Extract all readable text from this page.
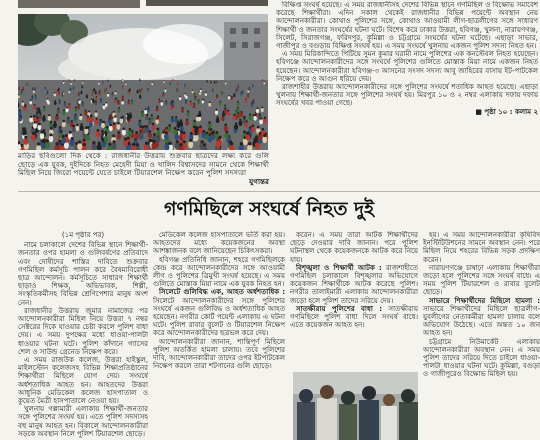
মাড়ির ছবিগুলো দিক থেকে : রাজধানীর উত্তরায় শুক্রবার ছাত্রদের লক্ষ্য করে গুলি ছোড়ে এক যুবক, দুইদিকে নিহত মেহেদী মিয়া ও খালিদ বিশ্বাসদের সামনে থেকে শিক্ষার্থী মিছিল নিয়ে জিরো পয়েন্টে যেতে চাইলে টিয়ারশেল নিক্ষেপ করেন পুলিশ সদস্যরা
যুগান্তর

বিক্ষিপ্ত সংঘর্ষ হয়েছে। এ সময় রাজধানীসহ দেশের বিভিন্ন স্থানে গণমিছিল ও বিক্ষোভ সমাবেশ করেছে শিক্ষার্থীরা। এদিন সকাল থেকেই রাজধানীর বিভিন্ন পয়েন্টে অবস্থান নেয় আন্দোলনকারীরা। কোথাও পুলিশের সঙ্গে, কোথাও আওয়ামী লীগ-ছাত্রলীগের সঙ্গে সাধারণ শিক্ষার্থী ও জনতার সংঘর্ষের ঘটনা ঘটে। বিশেষ করে ঢাকার উত্তরা, হবিগঞ্জ, খুলনা, নারায়ণগঞ্জ, সিলেট, সিরাজগঞ্জ, ফরিদপুর, কুমিল্লা ও চট্টগ্রামে সংঘর্ষের ঘটনা ঘটেছে। এছাড়া সাভার, গাজীপুর ও বগুড়ায় বিক্ষিপ্ত সংঘর্ষ হয়। এ সময় সংঘর্ষে খুলনায় একজন পুলিশ সদস্য নিহত হন।

এ সময় মিরিকান্দিতে পিটিয়ে সুমন কুমার ঘরামী নামে পুলিশের এক কনস্টেবল নিহত হয়েছেন। হবিগঞ্জে আন্দোলনকারীদের সঙ্গে সংঘর্ষে পুলিশের গুলিতে মোস্তাক মিয়া নামে একজন নিহত হয়েছেন। আন্দোলনকারীরা হবিগঞ্জ-৩ আসনের সংসদ সদস্য আবু জাহিরের বাসায় ইট-পাটকেল নিক্ষেপ করে ও আগুন ধরিয়ে দেয়।

রাজশাহীর উত্তরায় আন্দোলনকারীদের সঙ্গে পুলিশের সংঘর্ষে শতাধিক আহত হয়েছে। এছাড়া খুলনায় শিক্ষার্থী-জনতার সঙ্গে পুলিশের সংঘর্ষ হয়। মিরপুর ১০ ও ২ নম্বর এলাকায় দফায় দফায় সংঘর্ষের খবর পাওয়া গেছে।

■ পৃষ্ঠা ১০ : কলাম ২

গণমিছিলে সংঘর্ষে নিহত দুই

(১ম পৃষ্ঠার পর)

নামে চলাকালে দেশের বিভিন্ন স্থানে শিক্ষার্থী-জনতার ওপর হামলা ও গুলিবর্ষণের প্রতিবাদে এবং দোষীদের শাস্তির দাবিতে শুক্রবার গণমিছিল কর্মসূচি পালন করে বৈষম্যবিরোধী ছাত্র আন্দোলন। কর্মসূচিতে সাধারণ শিক্ষার্থী ছাড়াও শিক্ষক, অভিভাবক, শিল্পী, সংস্কৃতিকর্মীসহ বিভিন্ন শ্রেণিপেশার মানুষ অংশ নেন।

রাজধানীর উত্তরায় জুমার নামাজের পর আন্দোলনকারীরা মিছিল নিয়ে উত্তরা ৭ নম্বর সেক্টরের দিকে যাওয়ার চেষ্টা করলে পুলিশ বাধা দেয়। এ সময় দুপক্ষের মধ্যে ধাওয়া-পালটা ধাওয়ার ঘটনা ঘটে। পুলিশ কাঁদানে গ্যাসের শেল ও সাউন্ড গ্রেনেড নিক্ষেপ করে।

এ সময় রাজউক কলেজ, উত্তরা হাইস্কুল, মাইলস্টোন কলেজসহ বিভিন্ন শিক্ষাপ্রতিষ্ঠানের শিক্ষার্থীরা মিছিলে যোগ দেয়। সংঘর্ষে অর্ধশতাধিক আহত হন। আহতদের উত্তরা আধুনিক মেডিকেল কলেজ হাসপাতাল ও কুয়েত মৈত্রী হাসপাতালে নেওয়া হয়।

খুলনায় গল্লামারী এলাকায় শিক্ষার্থী-জনতার সঙ্গে পুলিশের সংঘর্ষ হয়। এতে পুলিশ সদস্যসহ বহু মানুষ আহত হন। বিকালে আন্দোলনকারীরা সড়কে অবস্থান নিলে পুলিশ টিয়ারশেল ছোড়ে।

মেডিকেল কলেজ হাসপাতালে ভর্তি করা হয়। আহতদের মধ্যে কয়েকজনের অবস্থা আশঙ্কাজনক বলে জানিয়েছেন চিকিৎসকরা।

হবিগঞ্জ প্রতিনিধি জানান, শহরে গণমিছিলকে কেন্দ্র করে আন্দোলনকারীদের সঙ্গে আওয়ামী লীগ ও পুলিশের ত্রিমুখী সংঘর্ষ হয়েছে। এ সময় গুলিতে মোস্তাক মিয়া নামে এক যুবক নিহত হন।

সিলেটে গুলিবিদ্ধ এক, আহত অর্ধশতাধিক : সিলেটে আন্দোলনকারীদের সঙ্গে পুলিশের সংঘর্ষে একজন গুলিবিদ্ধ ও অর্ধশতাধিক আহত হয়েছেন। নগরীর কোর্ট পয়েন্ট এলাকায় এ ঘটনা ঘটে। পুলিশ রাবার বুলেট ও টিয়ারশেল নিক্ষেপ করে আন্দোলনকারীদের ছত্রভঙ্গ করে দেয়।

আন্দোলনকারীরা জানান, শান্তিপূর্ণ মিছিলে পুলিশ অতর্কিত হামলা চালায়। তবে পুলিশের দাবি, আন্দোলনকারীরা তাদের ওপর ইটপাটকেল নিক্ষেপ করলে তারা শটগানের গুলি ছোড়ে।

করেন। এ সময় তারা আটক শিক্ষার্থীদের ছেড়ে দেওয়ার দাবি জানান। পরে পুলিশ ঘটনাস্থল থেকে কয়েকজনকে আটক করে নিয়ে যায়।

বিশৃঙ্খলা ও শিক্ষার্থী আটক : রাজশাহীতে গণমিছিল চলাকালে বিশৃঙ্খলার অভিযোগে কয়েকজন শিক্ষার্থীকে আটক করেছে পুলিশ। নগরীর তালাইমারী এলাকায় আন্দোলনকারীরা জড়ো হলে পুলিশ তাদের সরিয়ে দেয়।

সাতক্ষীরায় পুলিশের বাধা : সাতক্ষীরায় গণমিছিলে পুলিশ বাধা দিলে সংঘর্ষ বাধে। এতে কয়েকজন আহত হন।

হয়। এ সময় আন্দোলনকারীরা কৃষিবিদ ইনস্টিটিউশনের সামনে অবস্থান নেন। পরে মিছিল নিয়ে শহরের বিভিন্ন সড়ক প্রদক্ষিণ করেন।

নারায়ণগঞ্জে চাষাঢ়া এলাকায় শিক্ষার্থীরা জড়ো হলে পুলিশের সঙ্গে সংঘর্ষ বাধে। এ সময় পুলিশ টিয়ারশেল ও রাবার বুলেট ছোড়ে।

সাভারে শিক্ষার্থীদের মিছিলে হামলা : সাভারে শিক্ষার্থীদের মিছিলে ছাত্রলীগ-যুবলীগের নেতাকর্মীরা হামলা চালায় বলে অভিযোগ উঠেছে। এতে অন্তত ১০ জন আহত হন।

চট্টগ্রামে নিউমার্কেট এলাকায় আন্দোলনকারীরা অবস্থান নেন। এ সময় পুলিশ তাদের সরিয়ে দিতে চাইলে ধাওয়া-পালটা ধাওয়ার ঘটনা ঘটে। কুমিল্লা, বগুড়া ও গাজীপুরেও বিক্ষোভ মিছিল হয়।
